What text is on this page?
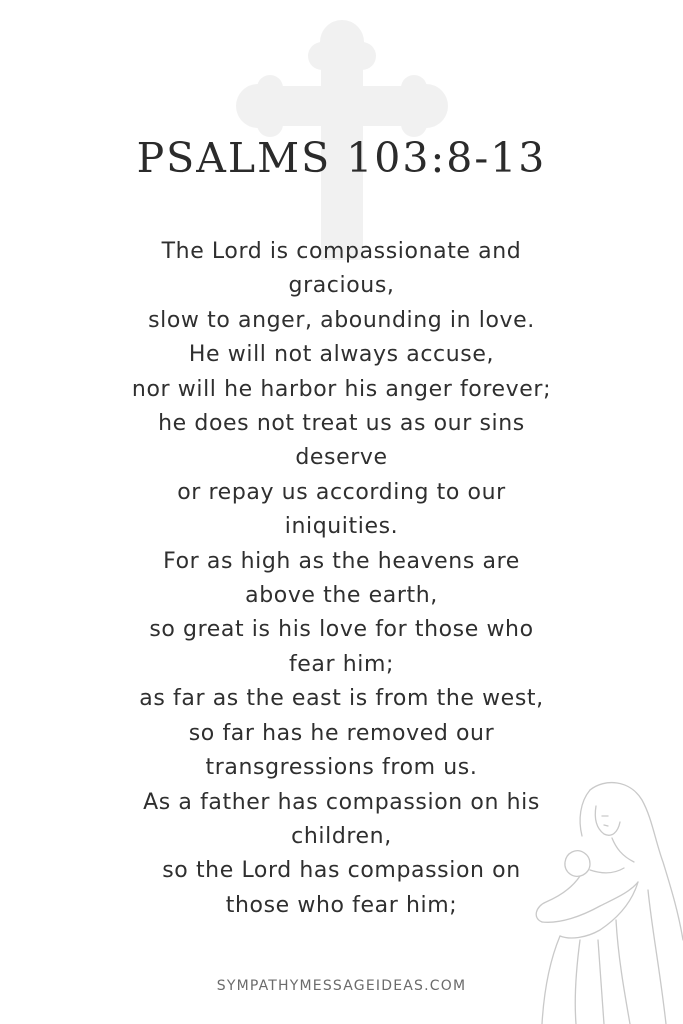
PSALMS 103:8-13
The Lord is compassionate and
gracious,
slow to anger, abounding in love.
He will not always accuse,
nor will he harbor his anger forever;
he does not treat us as our sins
deserve
or repay us according to our
iniquities.
For as high as the heavens are
above the earth,
so great is his love for those who
fear him;
as far as the east is from the west,
so far has he removed our
transgressions from us.
As a father has compassion on his
children,
so the Lord has compassion on
those who fear him;
SYMPATHYMESSAGEIDEAS.COM
